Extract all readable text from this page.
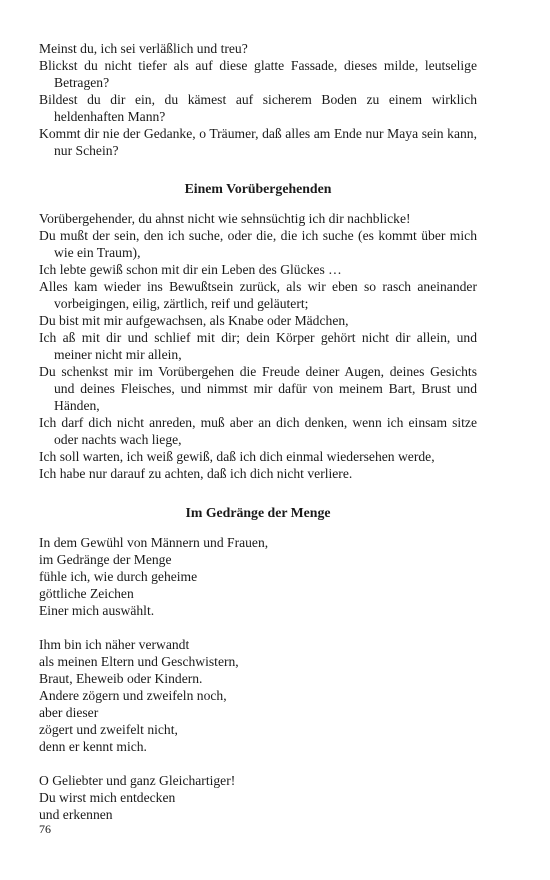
Meinst du, ich sei verläßlich und treu?
Blickst du nicht tiefer als auf diese glatte Fassade, dieses milde, leutselige Betragen?
Bildest du dir ein, du kämest auf sicherem Boden zu einem wirklich heldenhaften Mann?
Kommt dir nie der Gedanke, o Träumer, daß alles am Ende nur Maya sein kann, nur Schein?
Einem Vorübergehenden
Vorübergehender, du ahnst nicht wie sehnsüchtig ich dir nachblicke!
Du mußt der sein, den ich suche, oder die, die ich suche (es kommt über mich wie ein Traum),
Ich lebte gewiß schon mit dir ein Leben des Glückes …
Alles kam wieder ins Bewußtsein zurück, als wir eben so rasch aneinander vorbeigingen, eilig, zärtlich, reif und geläutert;
Du bist mit mir aufgewachsen, als Knabe oder Mädchen,
Ich aß mit dir und schlief mit dir; dein Körper gehört nicht dir allein, und meiner nicht mir allein,
Du schenkst mir im Vorübergehen die Freude deiner Augen, deines Gesichts und deines Fleisches, und nimmst mir dafür von meinem Bart, Brust und Händen,
Ich darf dich nicht anreden, muß aber an dich denken, wenn ich einsam sitze oder nachts wach liege,
Ich soll warten, ich weiß gewiß, daß ich dich einmal wiedersehen werde,
Ich habe nur darauf zu achten, daß ich dich nicht verliere.
Im Gedränge der Menge
In dem Gewühl von Männern und Frauen,
im Gedränge der Menge
fühle ich, wie durch geheime
göttliche Zeichen
Einer mich auswählt.
Ihm bin ich näher verwandt
als meinen Eltern und Geschwistern,
Braut, Eheweib oder Kindern.
Andere zögern und zweifeln noch,
aber dieser
zögert und zweifelt nicht,
denn er kennt mich.
O Geliebter und ganz Gleichartiger!
Du wirst mich entdecken
und erkennen
76
